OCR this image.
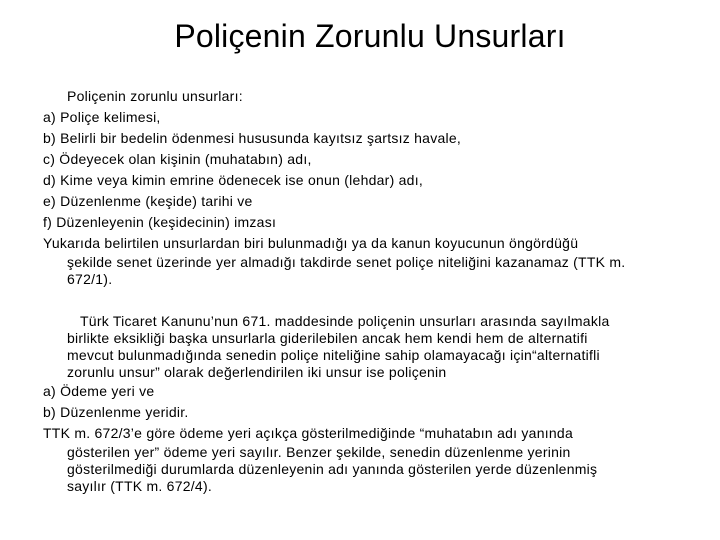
Poliçenin Zorunlu Unsurları
Poliçenin zorunlu unsurları:
a) Poliçe kelimesi,
b) Belirli bir bedelin ödenmesi hususunda kayıtsız şartsız havale,
c) Ödeyecek olan kişinin (muhatabın) adı,
d) Kime veya kimin emrine ödenecek ise onun (lehdar) adı,
e) Düzenlenme (keşide) tarihi ve
f) Düzenleyenin (keşidecinin) imzası
Yukarıda belirtilen unsurlardan biri bulunmadığı ya da kanun koyucunun öngördüğü
şekilde senet üzerinde yer almadığı takdirde senet poliçe niteliğini kazanamaz (TTK m.
672/1).
Türk Ticaret Kanunu’nun 671. maddesinde poliçenin unsurları arasında sayılmakla
birlikte eksikliği başka unsurlarla giderilebilen ancak hem kendi hem de alternatifi
mevcut bulunmadığında senedin poliçe niteliğine sahip olamayacağı için“alternatifli
zorunlu unsur” olarak değerlendirilen iki unsur ise poliçenin
a) Ödeme yeri ve
b) Düzenlenme yeridir.
TTK m. 672/3’e göre ödeme yeri açıkça gösterilmediğinde “muhatabın adı yanında
gösterilen yer” ödeme yeri sayılır. Benzer şekilde, senedin düzenlenme yerinin
gösterilmediği durumlarda düzenleyenin adı yanında gösterilen yerde düzenlenmiş
sayılır (TTK m. 672/4).
